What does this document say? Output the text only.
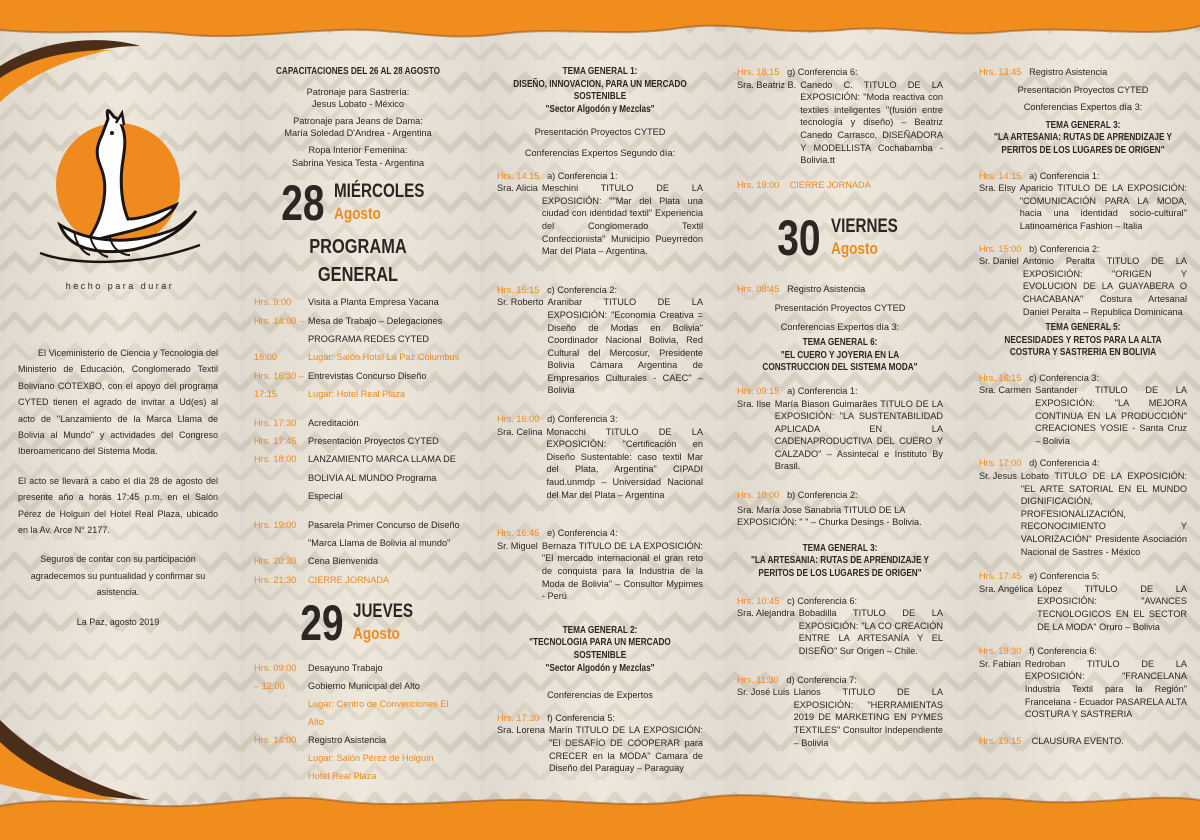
hecho para durar
El Viceministerio de Ciencia y Tecnologia del Ministerio de Educación, Conglomerado Textil Boliviano COTEXBO, con el apoyo del programa CYTED tienen el agrado de invitar a Ud(es) al acto de "Lanzamiento de la Marca Llama de Bolivia al Mundo" y actividades del Congreso Iberoamericano del Sistema Moda.
El acto se llevará a cabo el día 28 de agosto del presente año a horas 17:45 p.m. en el Salón Pérez de Holguin del Hotel Real Plaza, ubicado en la Av. Arce N° 2177.
Seguros de contar con su participación agradecemos su puntualidad y confirmar su asistencia.
La Paz, agosto 2019
CAPACITACIONES DEL 26 AL 28 AGOSTO
Patronaje para Sastrería:
Jesus Lobato - México
Patronaje para Jeans de Dama:
María Soledad D'Andrea - Argentina
Ropa Interior Femenina:
Sabrina Yesica Testa - Argentina
28 MIÉRCOLES
Agosto
PROGRAMA GENERAL
Hrs. 9:00	Visita a Planta Empresa Yacana
Hrs. 14:00 – Mesa de Trabajo – Delegaciones
PROGRAMA REDES CYTED
16:00	Lugar: Salón Hotel La Paz Columbus
Hrs. 16:30 – Entrevistas Concurso Diseño
17:15	Lugar: Hotel Real Plaza
Hrs. 17:30	Acreditación
Hrs. 17:45	Presentación Proyectos CYTED
Hrs. 18:00	LANZAMIENTO MARCA LLAMA DE BOLIVIA AL MUNDO Programa Especial
Hrs. 19:00	Pasarela Primer Concurso de Diseño "Marca Llama de Bolivia al mundo"
Hrs. 20:30	Cena Bienvenida
Hrs. 21:30	CIERRE JORNADA
29 JUEVES
Agosto
Hrs. 09:00	Desayuno Trabajo
– 12:00	Gobierno Municipal del Alto
Lugar: Centro de Convenciones El Alto
Hrs. 14:00	Registro Asistencia
Lugar: Salón Pérez de Holguín
Hotel Real Plaza
TEMA GENERAL 1:
DISEÑO, INNOVACION, PARA UN MERCADO SOSTENIBLE
"Sector Algodón y Mezclas"
Presentación Proyectos CYTED
Conferencias Expertos Segundo día:
Hrs. 14:15 a) Conferencia 1:
Sra. Alicia Meschini TITULO DE LA EXPOSICIÓN: ""Mar del Plata una ciudad con identidad textil" Experiencia del Conglomerado Textil Confeccionista" Municipio Pueyrredon Mar del Plata – Argentina.
Hrs. 15:15 c) Conferencia 2:
Sr. Roberto Aranibar TITULO DE LA EXPOSICIÓN: "Economía Creativa = Diseño de Modas en Bolivia" Coordinador Nacional Bolivia, Red Cultural del Mercosur, Presidente Bolivia Cámara Argentina de Empresarios Culturales - CAEC" – Bolivia
Hrs. 16:00 d) Conferencia 3:
Sra. Celina Monacchi TITULO DE LA EXPOSICIÓN: "Certificación en Diseño Sustentable: caso textil Mar del Plata, Argentina" CIPADI faud.unmdp – Universidad Nacional del Mar del Plata – Argentina
Hrs. 16:45 e) Conferencia 4:
Sr. Miguel Bernaza TITULO DE LA EXPOSICIÓN: "El mercado internacional el gran reto de conquista para la Industria de la Moda de Bolivia" – Consultor Mypimes - Perú
TEMA GENERAL 2:
"TECNOLOGIA PARA UN MERCADO SOSTENIBLE
"Sector Algodón y Mezclas"
Conferencias de Expertos
Hrs. 17:30 f) Conferencia 5:
Sra. Lorena Marín TITULO DE LA EXPOSICIÓN: "El DESAFÍO DE COOPERAR para CRECER en la MODA" Camara de Diseño del Paraguay – Paraguay
Hrs. 18:15 g) Conferencia 6:
Sra. Beatriz B. Canedo C. TITULO DE LA EXPOSICIÓN: "Moda reactiva con textiles inteligentes "(fusión entre tecnología y diseño) – Beatriz Canedo Carrasco, DISEÑADORA Y MODELLISTA Cochabamba - Bolivia.tt
Hrs. 19:00 CIERRE JORNADA
30 VIERNES
Agosto
Hrs. 08:45 Registro Asistencia
Presentación Proyectos CYTED
Conferencias Expertos día 3:
TEMA GENERAL 6:
"EL CUERO Y JOYERIA EN LA CONSTRUCCION DEL SISTEMA MODA"
Hrs. 09:15 a) Conferencia 1:
Sra. Ilse María Biason Guimarães TITULO DE LA EXPOSICIÓN: "LA SUSTENTABILIDAD APLICADA EN LA CADENAPRODUCTIVA DEL CUERO Y CALZADO" – Assintecal e Instituto By Brasil.
Hrs. 10:00 b) Conferencia 2:
Sra. María Jose Sanabria TITULO DE LA EXPOSICIÓN: " " – Churka Desings - Bolivia.
TEMA GENERAL 3:
"LA ARTESANIA: RUTAS DE APRENDIZAJE Y PERITOS DE LOS LUGARES DE ORIGEN"
Hrs. 10:45 c) Conferencia 6:
Sra. Alejandra Bobadilla TITULO DE LA EXPOSICIÓN: "LA CO CREACIÓN ENTRE LA ARTESANÍA Y EL DISEÑO" Sur Origen – Chile.
Hrs. 11:30 d) Conferencia 7:
Sr. José Luis Llanos TITULO DE LA EXPOSICIÓN: "HERRAMIENTAS 2019 DE MARKETING EN PYMES TEXTILES" Consultor Independiente – Bolivia
Hrs. 13:45 Registro Asistencia
Presentación Proyectos CYTED
Conferencias Expertos día 3:
TEMA GENERAL 3:
"LA ARTESANIA: RUTAS DE APRENDIZAJE Y PERITOS DE LOS LUGARES DE ORIGEN"
Hrs. 14:15 a) Conferencia 1:
Sra. Elsy Aparicio TITULO DE LA EXPOSICIÓN: "COMUNICACIÓN PARA LA MODA, hacia una identidad socio-cultural" Latinoamérica Fashion – Italia
Hrs. 15:00 b) Conferencia 2:
Sr. Daniel Antonio Peralta TITULO DE LA EXPOSICIÓN: "ORIGEN Y EVOLUCION DE LA GUAYABERA O CHACABANA" Costura Artesanal Daniel Peralta – Republica Dominicana
TEMA GENERAL 5:
NECESIDADES Y RETOS PARA LA ALTA COSTURA Y SASTRERIA EN BOLIVIA
Hrs. 16:15 c) Conferencia 3:
Sra. Carmen Santander TITULO DE LA EXPOSICIÓN: "LA MEJORA CONTINUA EN LA PRODUCCIÓN" CREACIONES YOSIE - Santa Cruz – Bolivia
Hrs. 17:00 d) Conferencia 4:
Sr. Jesus Lobato TITULO DE LA EXPOSICIÓN: "EL ARTE SATORIAL EN EL MUNDO DIGNIFICACIÓN, PROFESIONALIZACIÓN, RECONOCIMIENTO Y VALORIZACIÓN" Presidente Asociación Nacional de Sastres - México
Hrs. 17:45 e) Conferencia 5:
Sra. Angélica López TITULO DE LA EXPOSICIÓN: "AVANCES TECNOLOGICOS EN EL SECTOR DE LA MODA" Oruro – Bolivia
Hrs. 18:30 f) Conferencia 6:
Sr. Fabian Redroban TITULO DE LA EXPOSICIÓN: "FRANCELANA Industria Textil para la Región" Francelana - Ecuador PASARELA ALTA COSTURA Y SASTRERIA
Hrs. 19:15 CLAUSURA EVENTO.
